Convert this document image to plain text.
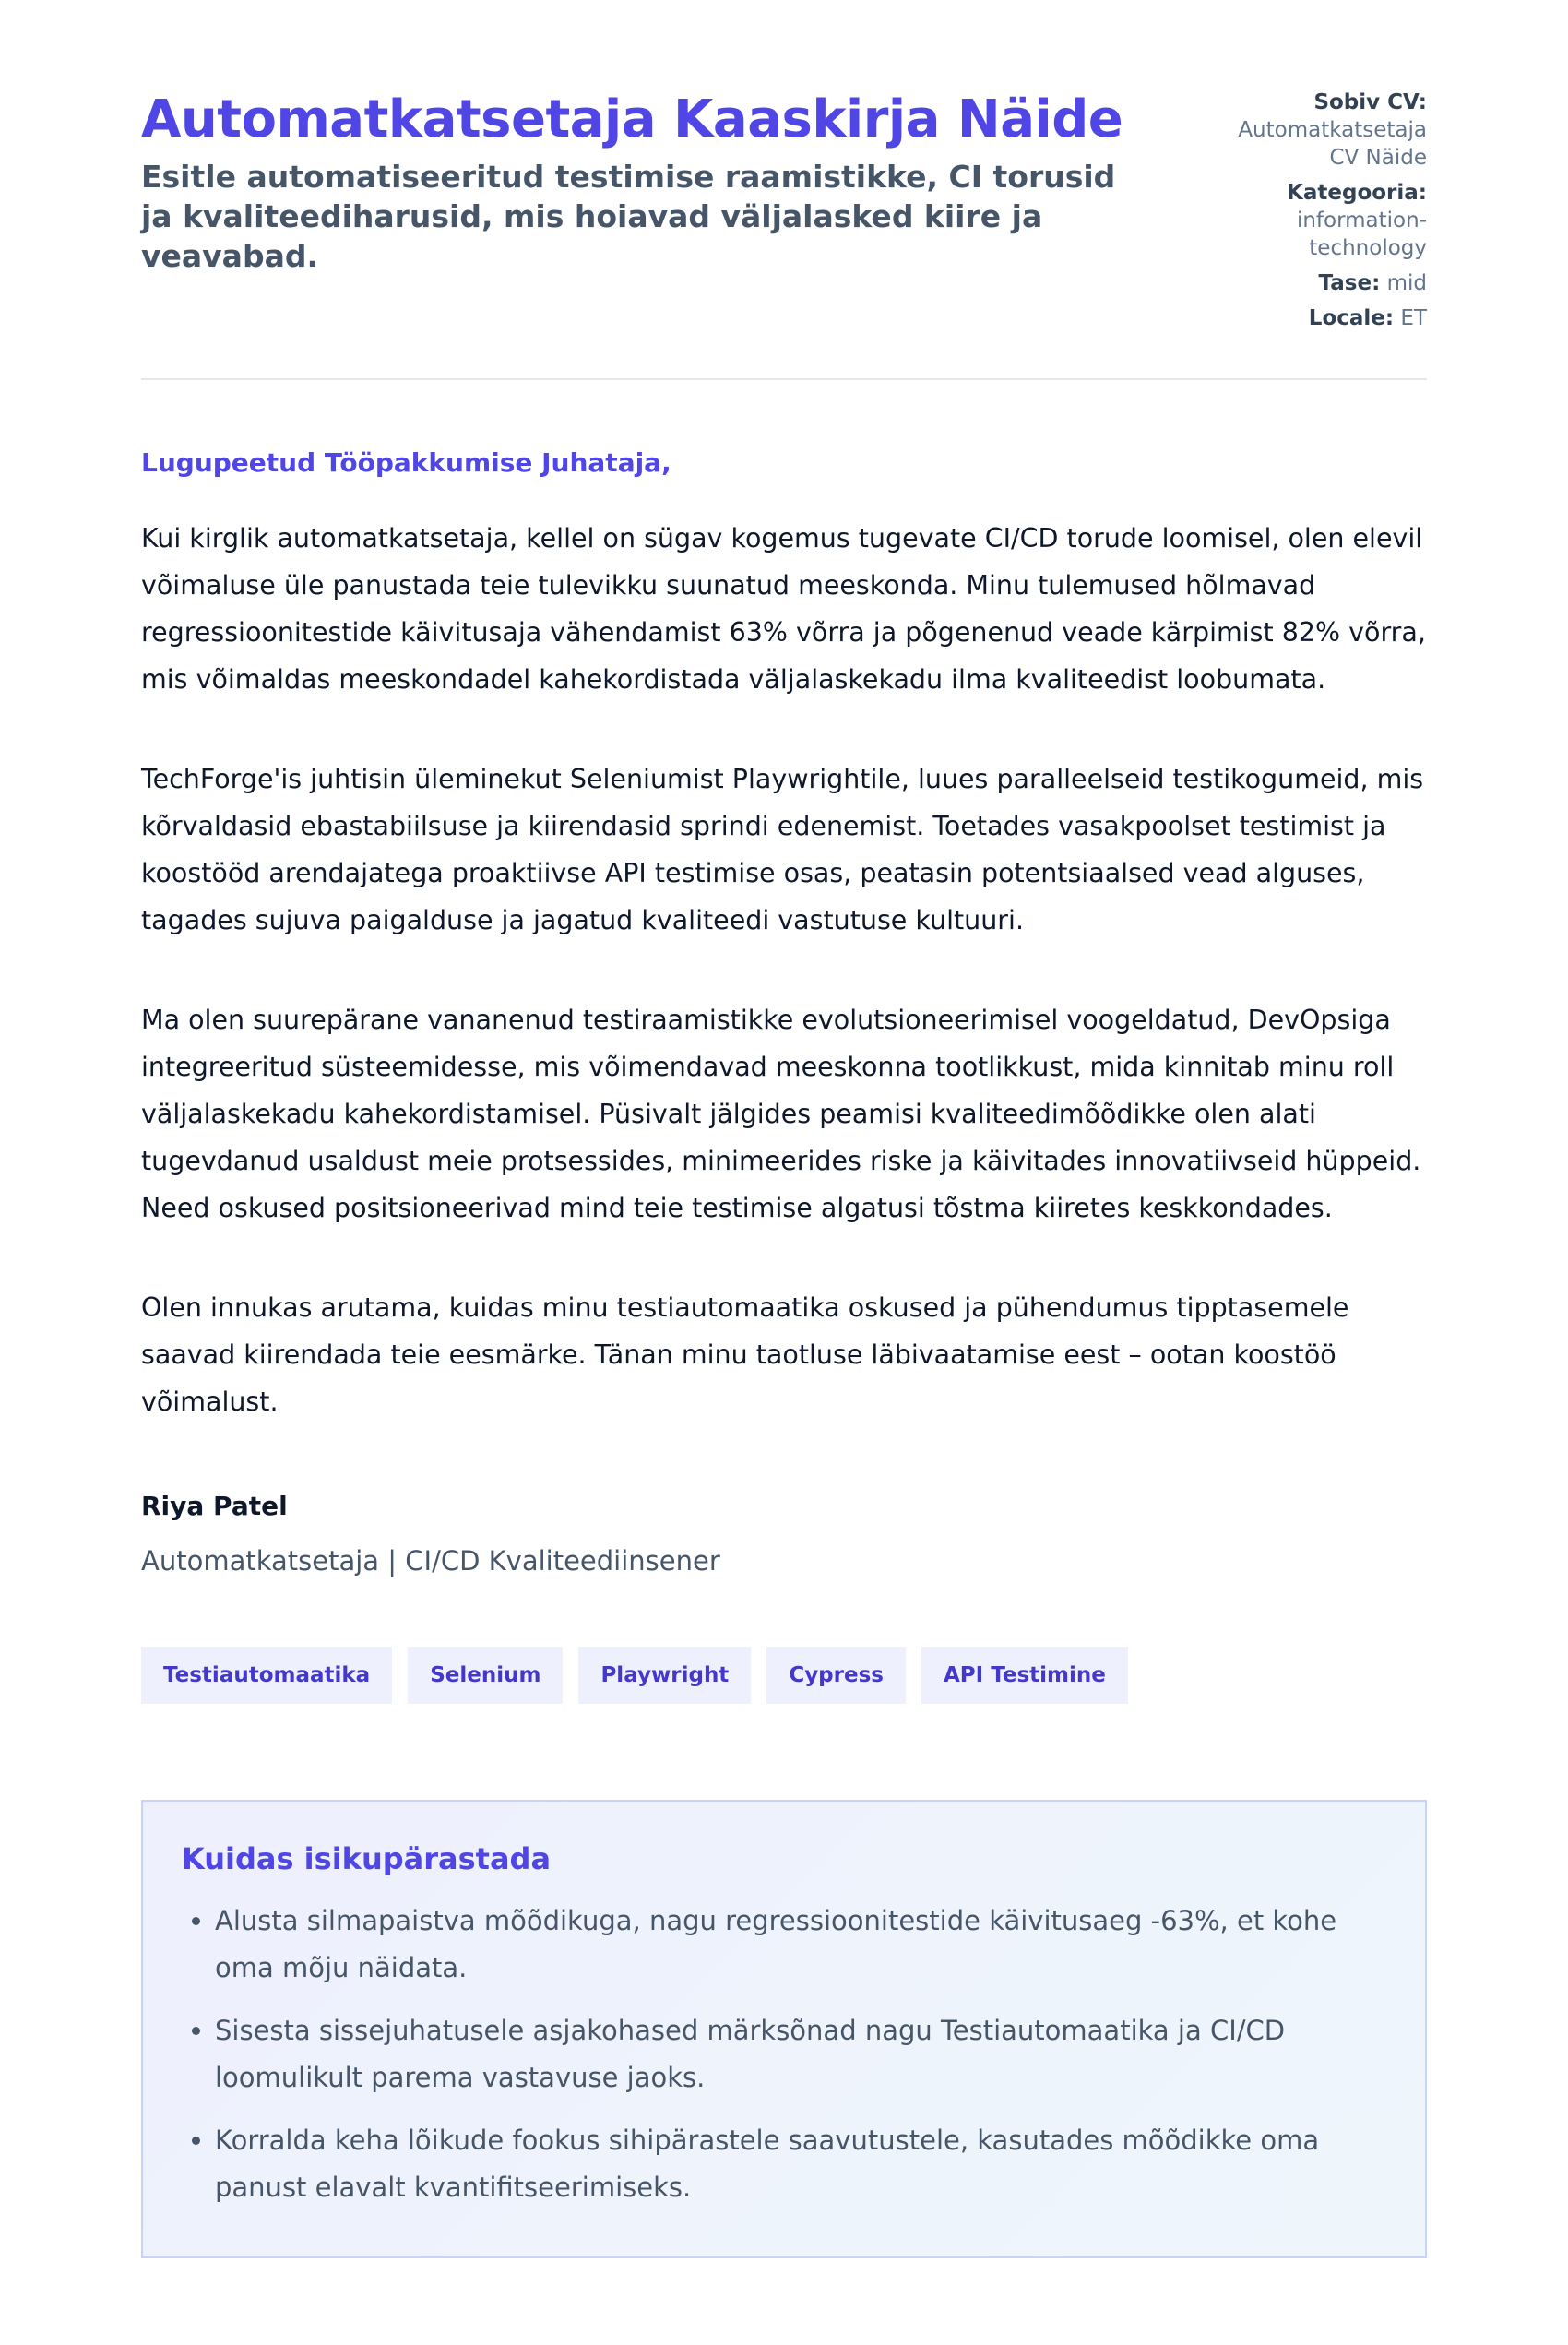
Automatkatsetaja Kaaskirja Näide
Esitle automatiseeritud testimise raamistikke, CI torusid ja kvaliteediharusid, mis hoiavad väljalasked kiire ja veavabad.
Sobiv CV:
Automatkatsetaja CV Näide
Kategooria:
information-technology
Tase: mid
Locale: ET
Lugupeetud Tööpakkumise Juhataja,

Kui kirglik automatkatsetaja, kellel on sügav kogemus tugevate CI/CD torude loomisel, olen elevil võimaluse üle panustada teie tulevikku suunatud meeskonda. Minu tulemused hõlmavad regressioonitestide käivitusaja vähendamist 63% võrra ja põgenenud veade kärpimist 82% võrra, mis võimaldas meeskondadel kahekordistada väljalaskekadu ilma kvaliteedist loobumata.

TechForge'is juhtisin üleminekut Seleniumist Playwrightile, luues paralleelseid testikogumeid, mis kõrvaldasid ebastabiilsuse ja kiirendasid sprindi edenemist. Toetades vasakpoolset testimist ja koostööd arendajatega proaktiivse API testimise osas, peatasin potentsiaalsed vead alguses, tagades sujuva paigalduse ja jagatud kvaliteedi vastutuse kultuuri.

Ma olen suurepärane vananenud testiraamistikke evolutsioneerimisel voogeldatud, DevOpsiga integreeritud süsteemidesse, mis võimendavad meeskonna tootlikkust, mida kinnitab minu roll väljalaskekadu kahekordistamisel. Püsivalt jälgides peamisi kvaliteedimõõdikke olen alati tugevdanud usaldust meie protsessides, minimeerides riske ja käivitades innovatiivseid hüppeid. Need oskused positsioneerivad mind teie testimise algatusi tõstma kiiretes keskkondades.

Olen innukas arutama, kuidas minu testiautomaatika oskused ja pühendumus tipptasemele saavad kiirendada teie eesmärke. Tänan minu taotluse läbivaatamise eest – ootan koostöö võimalust.

Riya Patel
Automatkatsetaja | CI/CD Kvaliteediinsener
Testiautomaatika	Selenium	Playwright	Cypress	API Testimine
Kuidas isikupärastada
• Alusta silmapaistva mõõdikuga, nagu regressioonitestide käivitusaeg -63%, et kohe oma mõju näidata.
• Sisesta sissejuhatusele asjakohased märksõnad nagu Testiautomaatika ja CI/CD loomulikult parema vastavuse jaoks.
• Korralda keha lõikude fookus sihipärastele saavutustele, kasutades mõõdikke oma panust elavalt kvantifitseerimiseks.
